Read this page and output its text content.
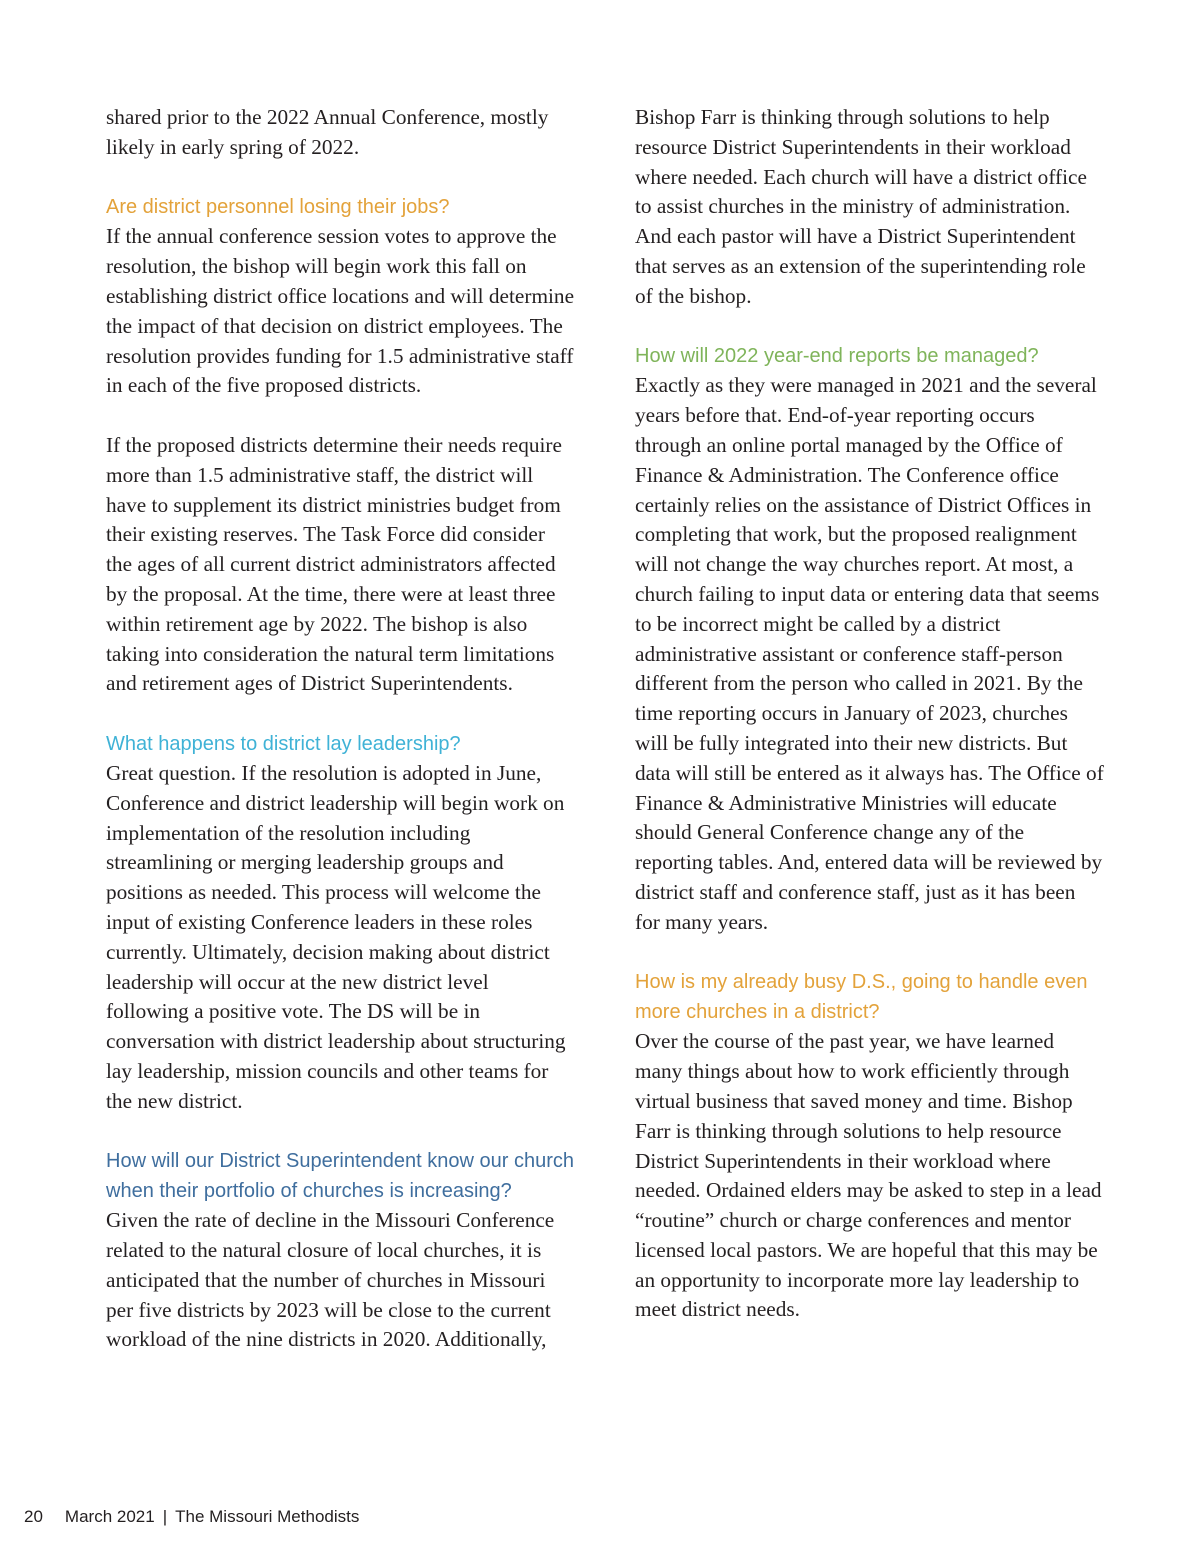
shared prior to the 2022 Annual Conference, mostly likely in early spring of 2022.

Are district personnel losing their jobs?

If the annual conference session votes to approve the resolution, the bishop will begin work this fall on establishing district office locations and will determine the impact of that decision on district employees. The resolution provides funding for 1.5 administrative staff in each of the five proposed districts.

If the proposed districts determine their needs require more than 1.5 administrative staff, the district will have to supplement its district ministries budget from their existing reserves. The Task Force did consider the ages of all current district administrators affected by the proposal. At the time, there were at least three within retirement age by 2022. The bishop is also taking into consideration the natural term limitations and retirement ages of District Superintendents.

What happens to district lay leadership?

Great question. If the resolution is adopted in June, Conference and district leadership will begin work on implementation of the resolution including streamlining or merging leadership groups and positions as needed. This process will welcome the input of existing Conference leaders in these roles currently. Ultimately, decision making about district leadership will occur at the new district level following a positive vote. The DS will be in conversation with district leadership about structuring lay leadership, mission councils and other teams for the new district.

How will our District Superintendent know our church when their portfolio of churches is increasing?

Given the rate of decline in the Missouri Conference related to the natural closure of local churches, it is anticipated that the number of churches in Missouri per five districts by 2023 will be close to the current workload of the nine districts in 2020. Additionally,

Bishop Farr is thinking through solutions to help resource District Superintendents in their workload where needed. Each church will have a district office to assist churches in the ministry of administration. And each pastor will have a District Superintendent that serves as an extension of the superintending role of the bishop.

How will 2022 year-end reports be managed?

Exactly as they were managed in 2021 and the several years before that. End-of-year reporting occurs through an online portal managed by the Office of Finance & Administration. The Conference office certainly relies on the assistance of District Offices in completing that work, but the proposed realignment will not change the way churches report. At most, a church failing to input data or entering data that seems to be incorrect might be called by a district administrative assistant or conference staff-person different from the person who called in 2021. By the time reporting occurs in January of 2023, churches will be fully integrated into their new districts. But data will still be entered as it always has. The Office of Finance & Administrative Ministries will educate should General Conference change any of the reporting tables. And, entered data will be reviewed by district staff and conference staff, just as it has been for many years.

How is my already busy D.S., going to handle even more churches in a district?

Over the course of the past year, we have learned many things about how to work efficiently through virtual business that saved money and time. Bishop Farr is thinking through solutions to help resource District Superintendents in their workload where needed. Ordained elders may be asked to step in a lead “routine” church or charge conferences and mentor licensed local pastors. We are hopeful that this may be an opportunity to incorporate more lay leadership to meet district needs.

20 March 2021 | The Missouri Methodists
